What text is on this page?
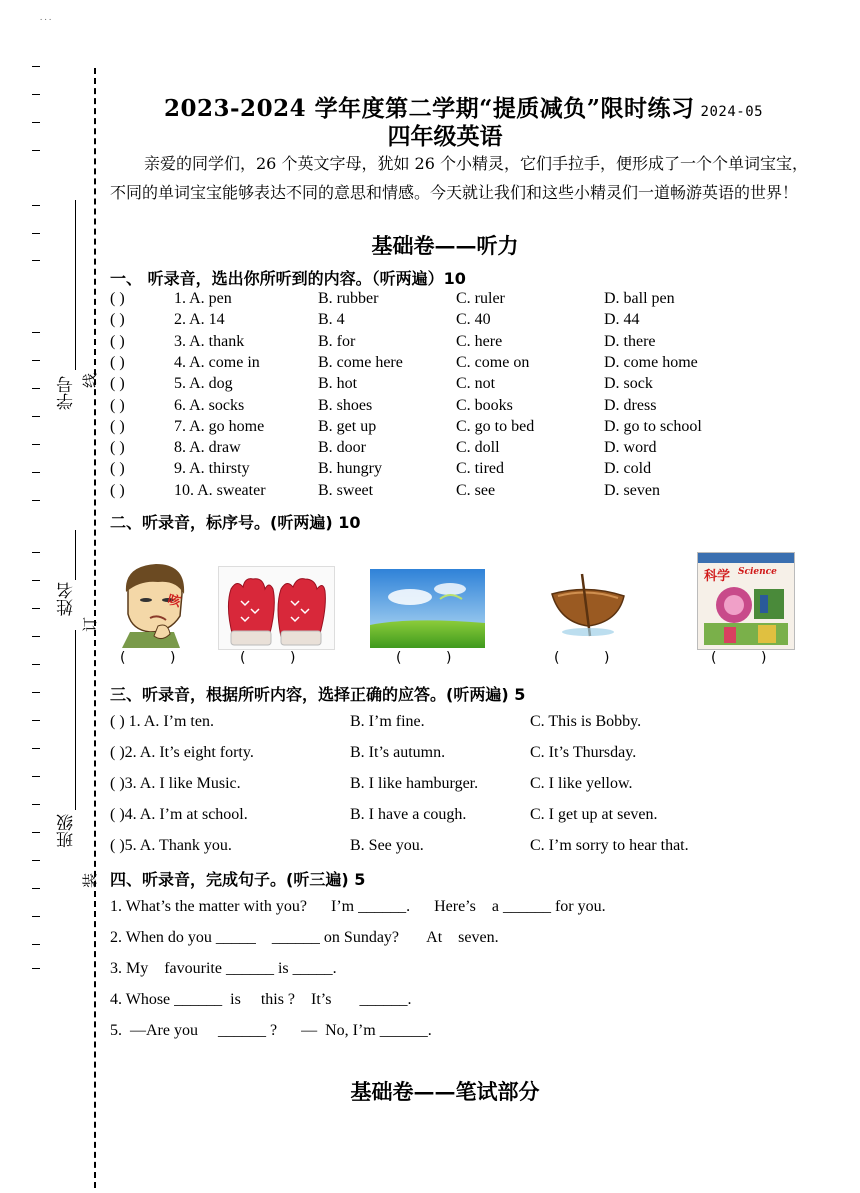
. . .
学号
姓名
班级
线
订
装
2023-2024 学年度第二学期“提质减负”限时练习 2024-05
四年级英语
亲爱的同学们，26 个英文字母，犹如 26 个小精灵，它们手拉手，便形成了一个个单词宝宝，不同的单词宝宝能够表达不同的意思和情感。今天就让我们和这些小精灵们一道畅游英语的世界！
基础卷——听力
一、 听录音，选出你所听到的内容。（听两遍）10
( )	1. A. pen	B. rubber	C. ruler	D. ball pen
( )	2. A. 14	B. 4	C. 40	D. 44
( )	3. A. thank	B. for	C. here	D. there
( )	4. A. come in	B. come here	C. come on	D. come home
( )	5. A. dog	B. hot	C. not	D. sock
( )	6. A. socks	B. shoes	C. books	D. dress
( )	7. A. go home	B. get up	C. go to bed	D. go to school
( )	8. A. draw	B. door	C. doll	D. word
( )	9. A. thirsty	B. hungry	C. tired	D. cold
( )	10. A. sweater	B. sweet	C. see	D. seven
二、听录音，标序号。(听两遍) 10
咳
科学 Science
(          )	(          )	(          )	(          )	(          )
三、听录音，根据所听内容，选择正确的应答。(听两遍) 5
( ) 1. A. I’m ten.	B. I’m fine.	C. This is Bobby.
( )2. A. It’s eight forty.	B. It’s autumn.	C. It’s Thursday.
( )3. A. I like Music.	B. I like hamburger.	C. I like yellow.
( )4. A. I’m at school.	B. I have a cough.	C. I get up at seven.
( )5. A. Thank you.	B. See you.	C. I’m sorry to hear that.
四、听录音，完成句子。(听三遍) 5
1. What’s the matter with you?      I’m ______.      Here’s    a ______ for you.
2. When do you _____    ______ on Sunday?       At    seven.
3. My    favourite ______ is _____.
4. Whose ______  is     this ?    It’s       ______.
5.  —Are you     ______ ?      —  No, I’m ______.
基础卷——笔试部分
